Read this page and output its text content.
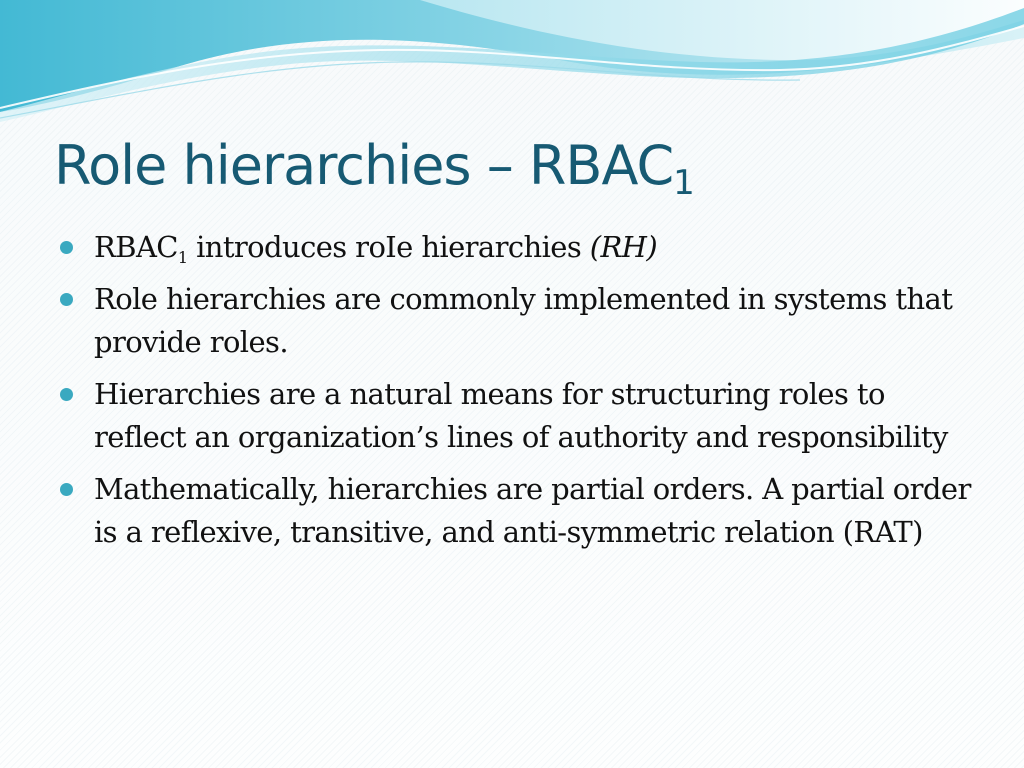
Role hierarchies – $RBAC_1$
$RBAC_1$ introduces roIe hierarchies (RH)
Role hierarchies are commonly implemented in systems that provide roles.
Hierarchies are a natural means for structuring roles to reflect an organization’s lines of authority and responsibility
Mathematically, hierarchies are partial orders. A partial order is a reflexive, transitive, and anti-symmetric relation (RAT)
